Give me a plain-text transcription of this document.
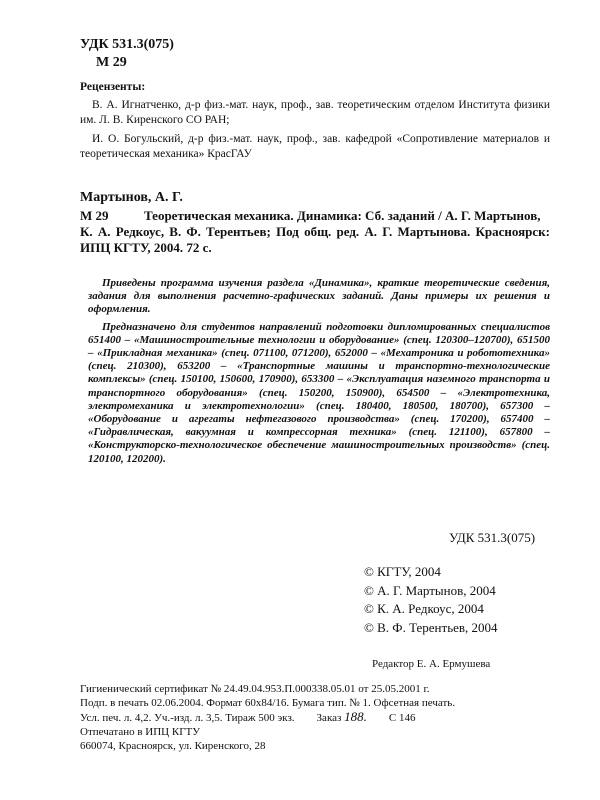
УДК 531.3(075)
М 29
Рецензенты:

В. А. Игнатченко, д-р физ.-мат. наук, проф., зав. теоретическим отделом Института физики им. Л. В. Киренского СО РАН;

И. О. Богульский, д-р физ.-мат. наук, проф., зав. кафедрой «Сопротивление материалов и теоретическая механика» КрасГАУ

Мартынов, А. Г.
М 29	Теоретическая механика. Динамика: Сб. заданий / А. Г. Мартынов,
К. А. Редкоус, В. Ф. Терентьев; Под общ. ред. А. Г. Мартынова. Красноярск: ИПЦ КГТУ, 2004. 72 с.

Приведены программа изучения раздела «Динамика», краткие теоретические сведения, задания для выполнения расчетно-графических заданий. Даны примеры их решения и оформления.

Предназначено для студентов направлений подготовки дипломированных специалистов 651400 – «Машиностроительные технологии и оборудование» (спец. 120300–120700), 651500 – «Прикладная механика» (спец. 071100, 071200), 652000 – «Мехатроника и робототехника» (спец. 210300), 653200 – «Транспортные машины и транспортно-технологические комплексы» (спец. 150100, 150600, 170900), 653300 – «Эксплуатация наземного транспорта и транспортного оборудования» (спец. 150200, 150900), 654500 – «Электротехника, электромеханика и электротехнологии» (спец. 180400, 180500, 180700), 657300 – «Оборудование и агрегаты нефтегазового производства» (спец. 170200), 657400 – «Гидравлическая, вакуумная и компрессорная техника» (спец. 121100), 657800 – «Конструкторско-технологическое обеспечение машиностроительных производств» (спец. 120100, 120200).

УДК 531.3(075)
© КГТУ, 2004
© А. Г. Мартынов, 2004
© К. А. Редкоус, 2004
© В. Ф. Терентьев, 2004
Редактор Е. А. Ермушева
Гигиенический сертификат № 24.49.04.953.П.000338.05.01 от 25.05.2001 г.
Подп. в печать 02.06.2004. Формат 60х84/16. Бумага тип. № 1. Офсетная печать.
Усл. печ. л. 4,2. Уч.-изд. л. 3,5. Тираж 500 экз. Заказ 188. С 146
Отпечатано в ИПЦ КГТУ
660074, Красноярск, ул. Киренского, 28
